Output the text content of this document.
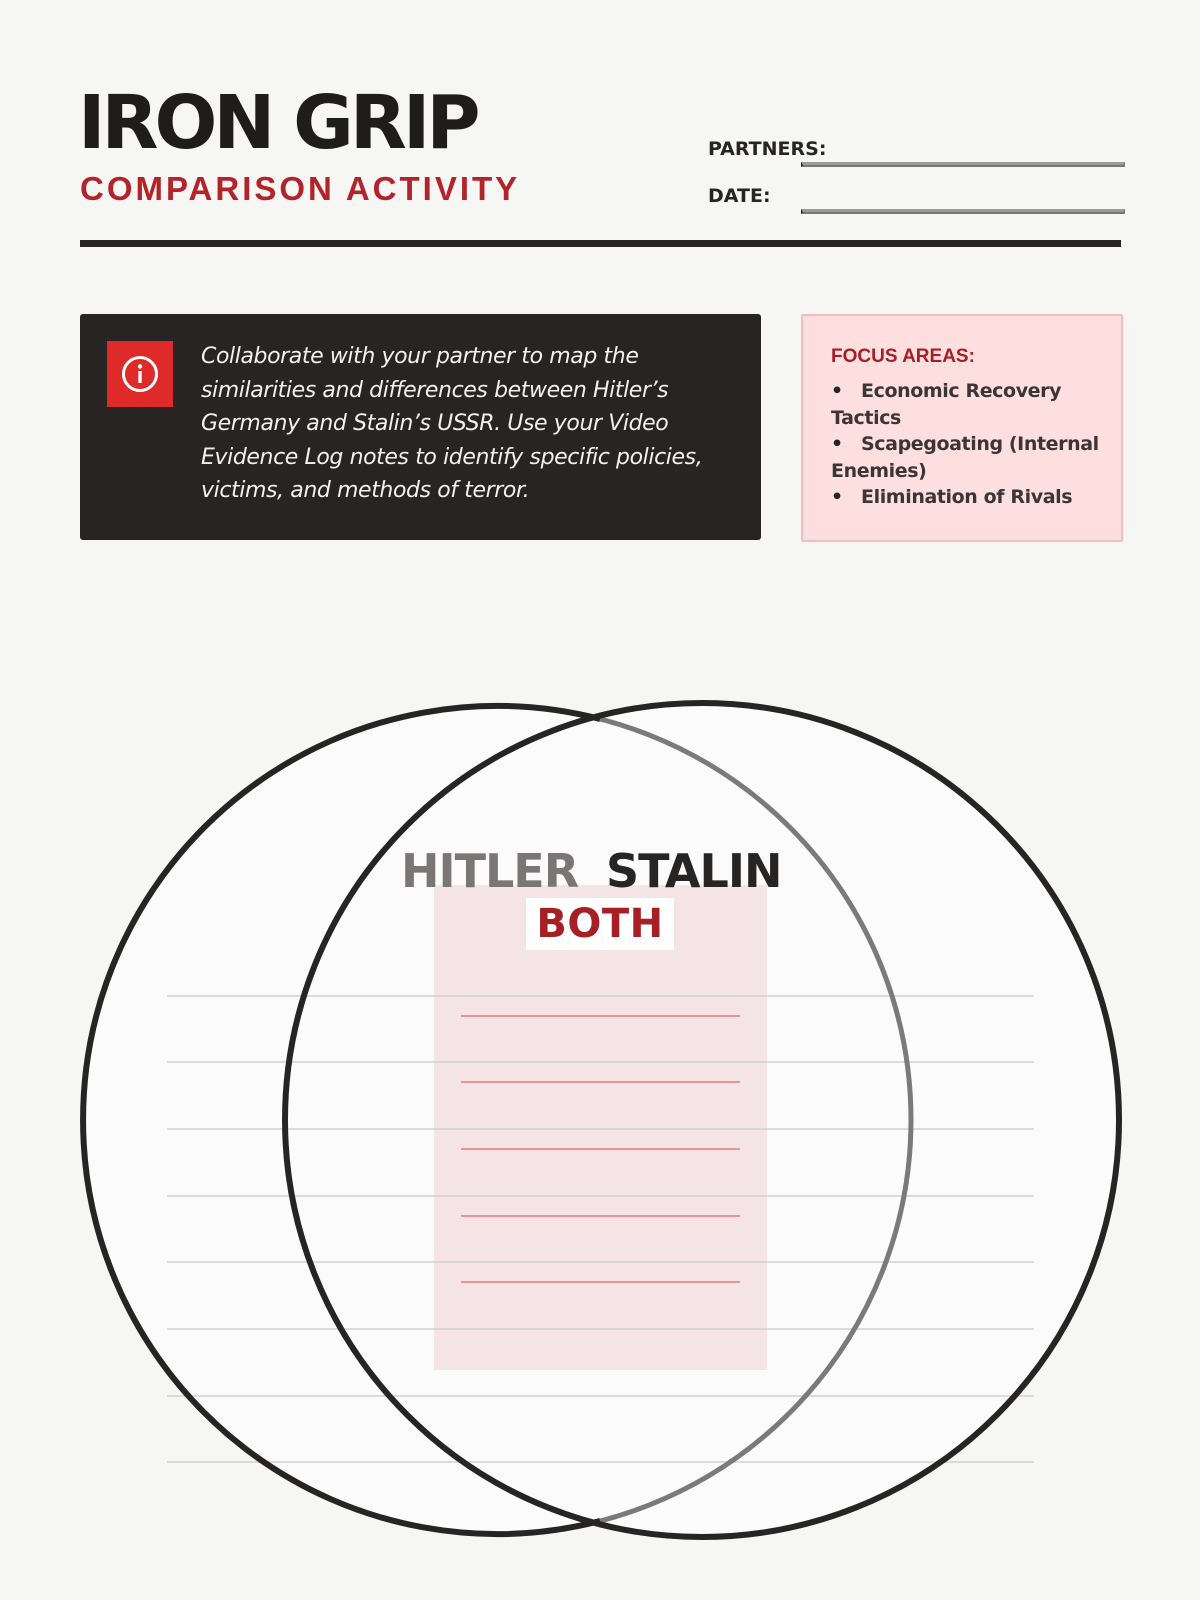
IRON GRIP
COMPARISON ACTIVITY
PARTNERS:
DATE:

Collaborate with your partner to map the similarities and differences between Hitler’s Germany and Stalin’s USSR. Use your Video Evidence Log notes to identify specific policies, victims, and methods of terror.

FOCUS AREAS:
• Economic Recovery Tactics
• Scapegoating (Internal Enemies)
• Elimination of Rivals
HITLER STALIN
BOTH
